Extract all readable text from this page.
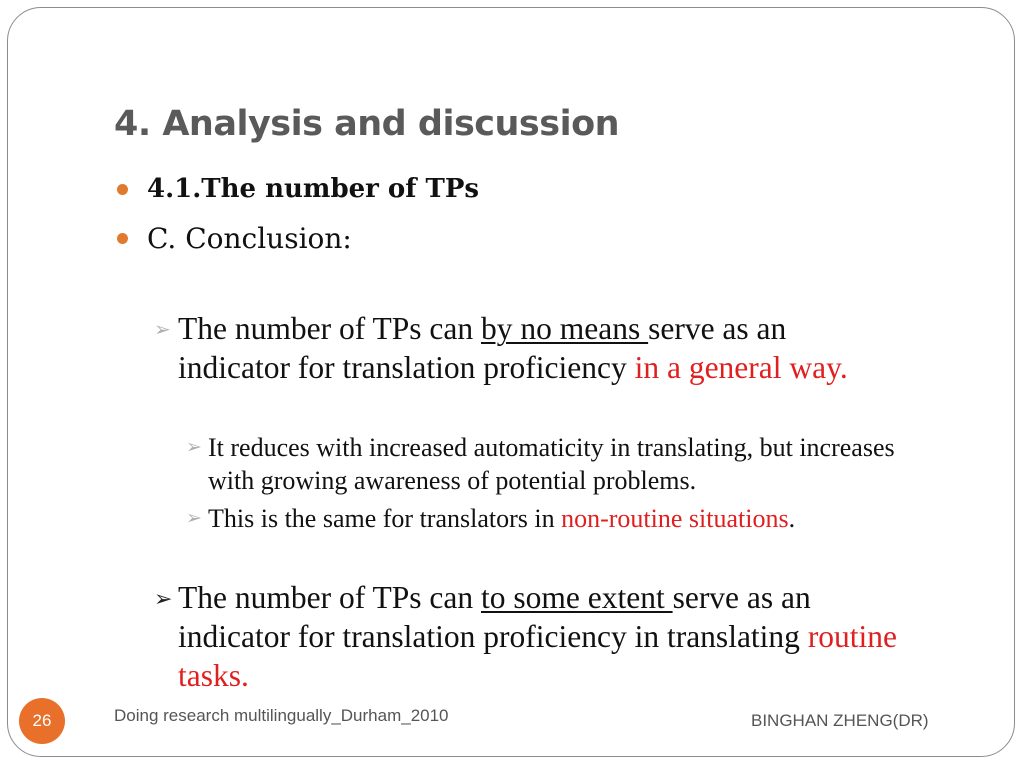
4. Analysis and discussion
4.1.The number of TPs
C. Conclusion:
➢ The number of TPs can by no means serve as an indicator for translation proficiency in a general way.
➢ It reduces with increased automaticity in translating, but increases with growing awareness of potential problems.
➢ This is the same for translators in non-routine situations.
➢ The number of TPs can to some extent serve as an indicator for translation proficiency in translating routine tasks.
26	Doing research multilingually_Durham_2010	BINGHAN ZHENG(DR)
